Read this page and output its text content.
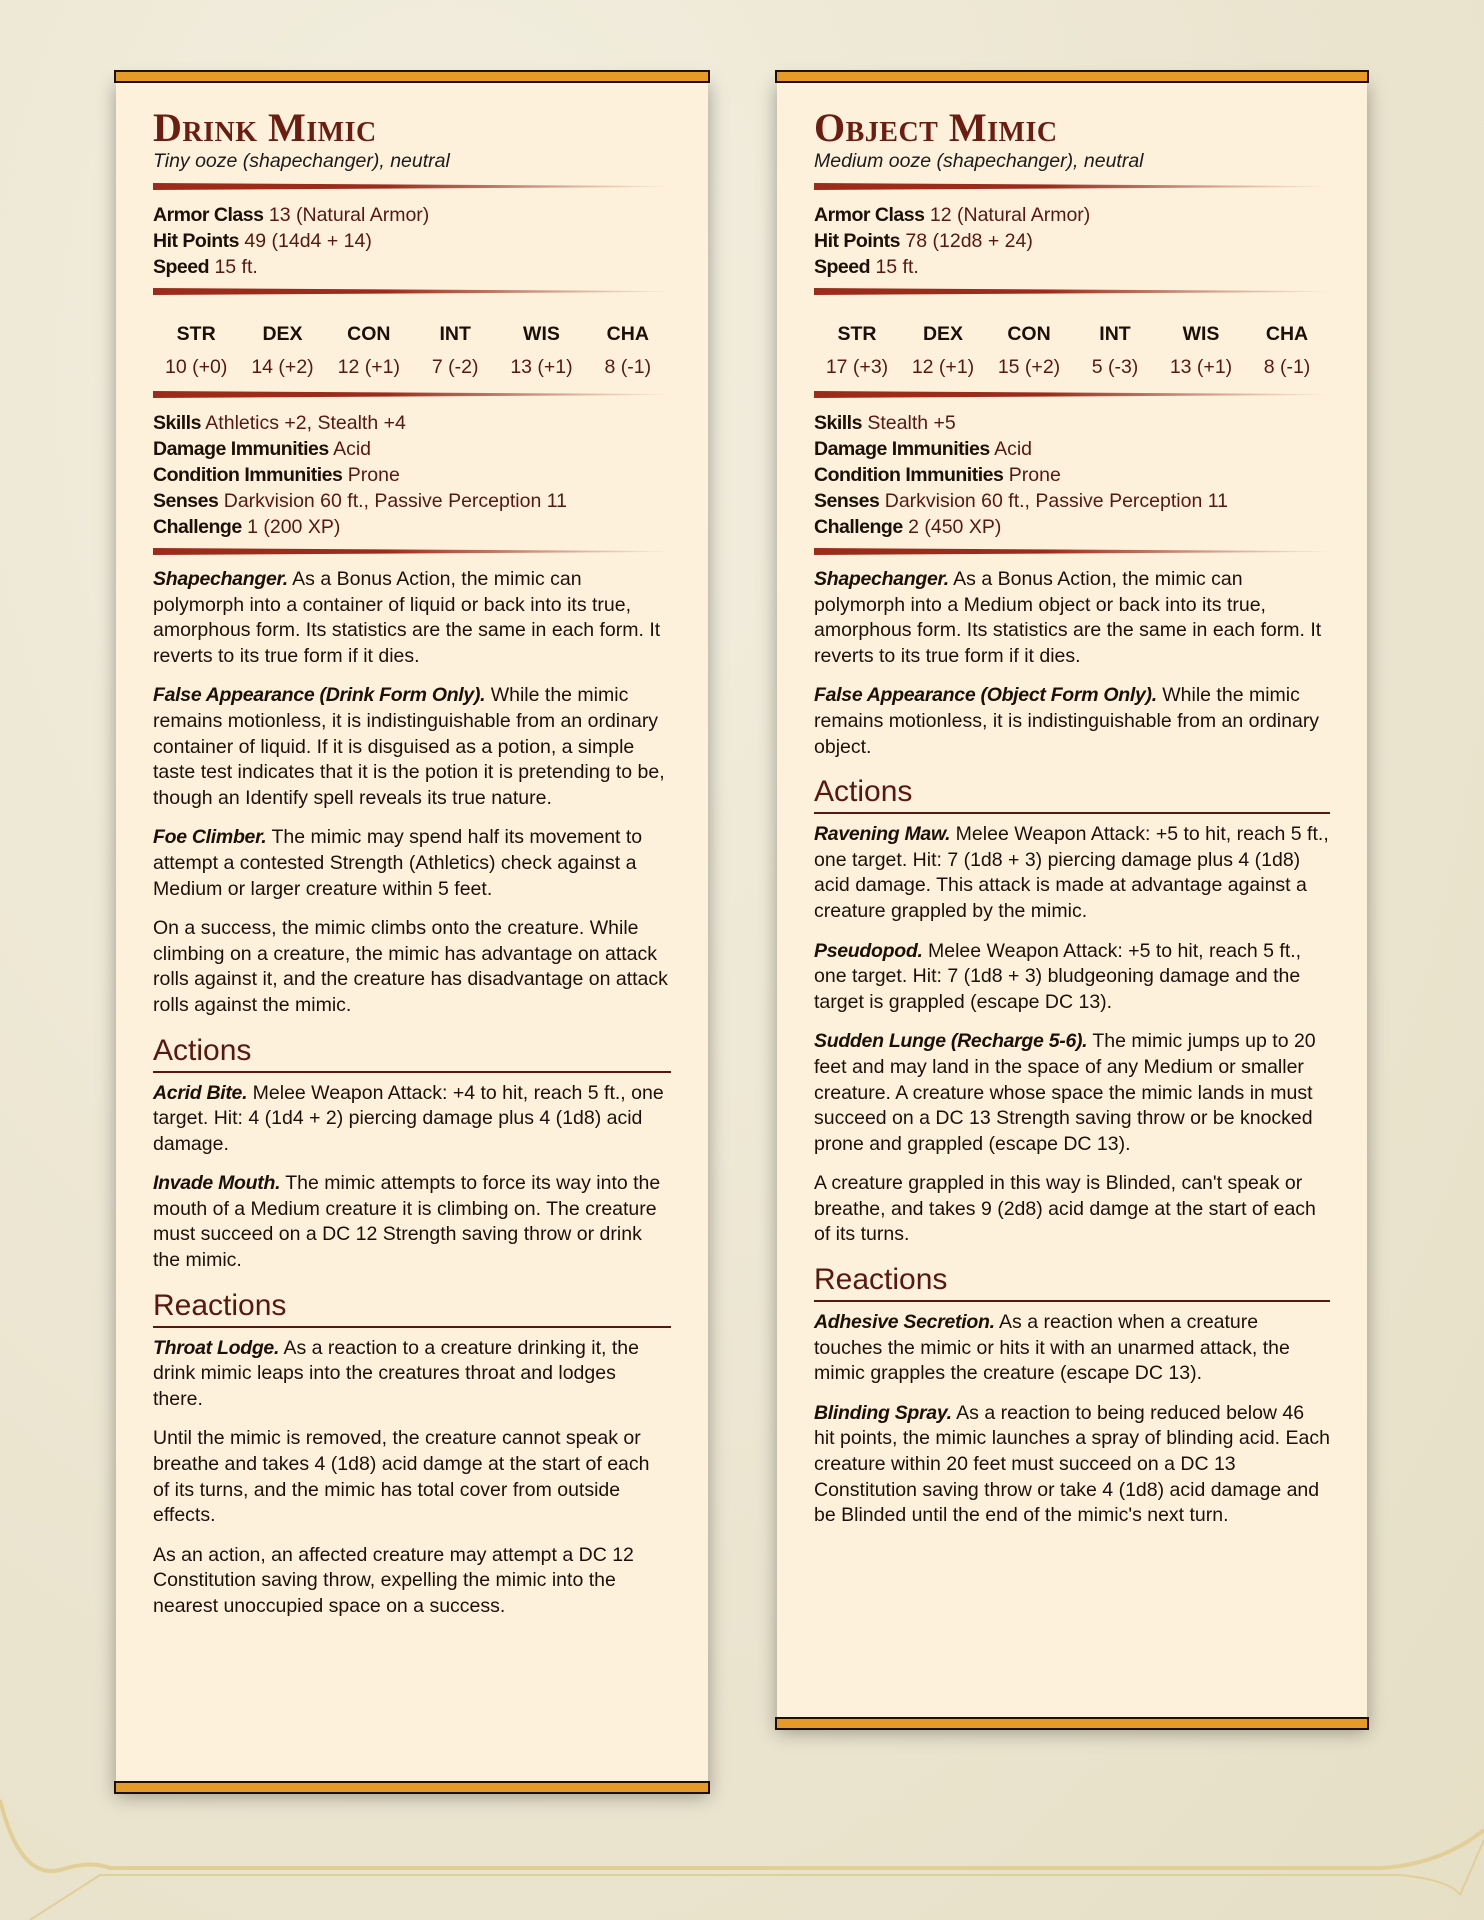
Drink Mimic
Tiny ooze (shapechanger), neutral
Armor Class 13 (Natural Armor)
Hit Points 49 (14d4 + 14)
Speed 15 ft.
STR
10 (+0)
DEX
14 (+2)
CON
12 (+1)
INT
7 (-2)
WIS
13 (+1)
CHA
8 (-1)
Skills Athletics +2, Stealth +4
Damage Immunities Acid
Condition Immunities Prone
Senses Darkvision 60 ft., Passive Perception 11
Challenge 1 (200 XP)

Shapechanger. As a Bonus Action, the mimic can polymorph into a container of liquid or back into its true, amorphous form. Its statistics are the same in each form. It reverts to its true form if it dies.

False Appearance (Drink Form Only). While the mimic remains motionless, it is indistinguishable from an ordinary container of liquid. If it is disguised as a potion, a simple taste test indicates that it is the potion it is pretending to be, though an Identify spell reveals its true nature.

Foe Climber. The mimic may spend half its movement to attempt a contested Strength (Athletics) check against a Medium or larger creature within 5 feet.

On a success, the mimic climbs onto the creature. While climbing on a creature, the mimic has advantage on attack rolls against it, and the creature has disadvantage on attack rolls against the mimic.

Actions

Acrid Bite. Melee Weapon Attack: +4 to hit, reach 5 ft., one target. Hit: 4 (1d4 + 2) piercing damage plus 4 (1d8) acid damage.

Invade Mouth. The mimic attempts to force its way into the mouth of a Medium creature it is climbing on. The creature must succeed on a DC 12 Strength saving throw or drink the mimic.

Reactions

Throat Lodge. As a reaction to a creature drinking it, the drink mimic leaps into the creatures throat and lodges there.

Until the mimic is removed, the creature cannot speak or breathe and takes 4 (1d8) acid damge at the start of each of its turns, and the mimic has total cover from outside effects.

As an action, an affected creature may attempt a DC 12 Constitution saving throw, expelling the mimic into the nearest unoccupied space on a success.

Object Mimic
Medium ooze (shapechanger), neutral
Armor Class 12 (Natural Armor)
Hit Points 78 (12d8 + 24)
Speed 15 ft.
STR
17 (+3)
DEX
12 (+1)
CON
15 (+2)
INT
5 (-3)
WIS
13 (+1)
CHA
8 (-1)
Skills Stealth +5
Damage Immunities Acid
Condition Immunities Prone
Senses Darkvision 60 ft., Passive Perception 11
Challenge 2 (450 XP)

Shapechanger. As a Bonus Action, the mimic can polymorph into a Medium object or back into its true, amorphous form. Its statistics are the same in each form. It reverts to its true form if it dies.

False Appearance (Object Form Only). While the mimic remains motionless, it is indistinguishable from an ordinary object.

Actions

Ravening Maw. Melee Weapon Attack: +5 to hit, reach 5 ft., one target. Hit: 7 (1d8 + 3) piercing damage plus 4 (1d8) acid damage. This attack is made at advantage against a creature grappled by the mimic.

Pseudopod. Melee Weapon Attack: +5 to hit, reach 5 ft., one target. Hit: 7 (1d8 + 3) bludgeoning damage and the target is grappled (escape DC 13).

Sudden Lunge (Recharge 5-6). The mimic jumps up to 20 feet and may land in the space of any Medium or smaller creature. A creature whose space the mimic lands in must succeed on a DC 13 Strength saving throw or be knocked prone and grappled (escape DC 13).

A creature grappled in this way is Blinded, can't speak or breathe, and takes 9 (2d8) acid damge at the start of each of its turns.

Reactions

Adhesive Secretion. As a reaction when a creature touches the mimic or hits it with an unarmed attack, the mimic grapples the creature (escape DC 13).

Blinding Spray. As a reaction to being reduced below 46 hit points, the mimic launches a spray of blinding acid. Each creature within 20 feet must succeed on a DC 13 Constitution saving throw or take 4 (1d8) acid damage and be Blinded until the end of the mimic's next turn.
